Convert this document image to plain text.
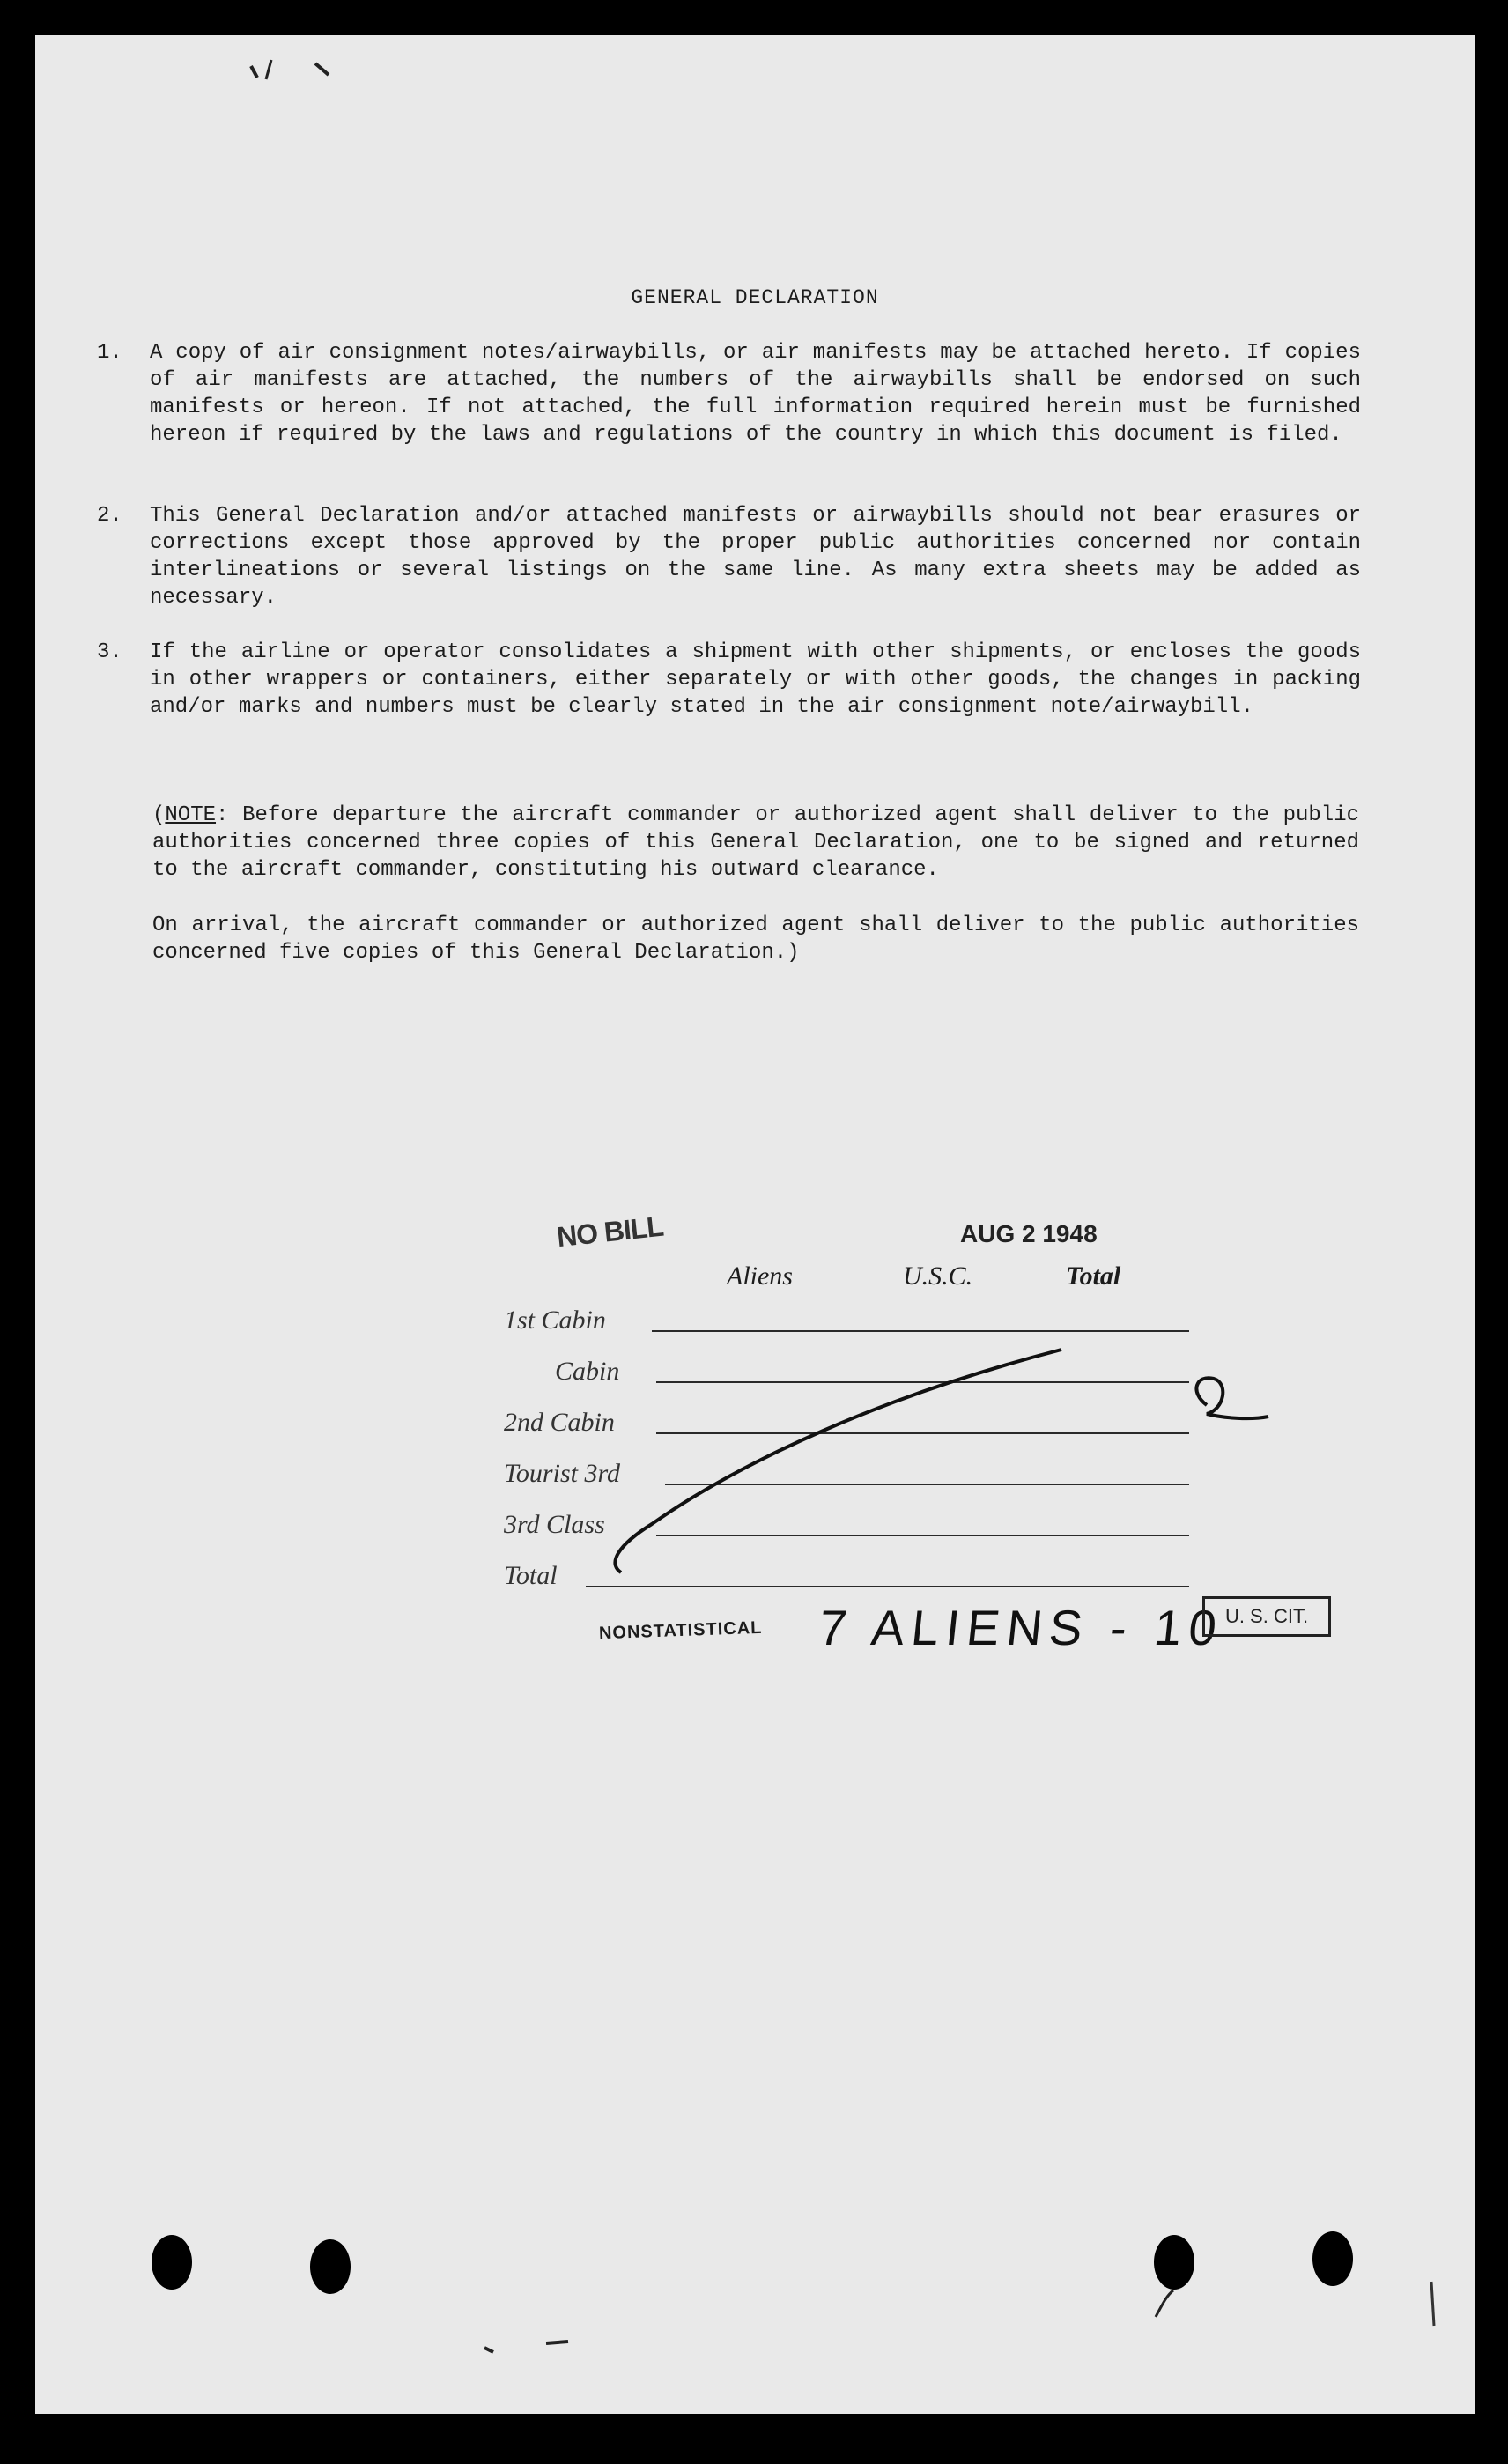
GENERAL DECLARATION
1. A copy of air consignment notes/airwaybills, or air manifests may be attached hereto. If copies of air manifests are attached, the numbers of the airwaybills shall be endorsed on such manifests or hereon. If not attached, the full information required herein must be furnished hereon if required by the laws and regulations of the country in which this document is filed.
2. This General Declaration and/or attached manifests or airwaybills should not bear erasures or corrections except those approved by the proper public authorities concerned nor contain interlineations or several listings on the same line. As many extra sheets may be added as necessary.
3. If the airline or operator consolidates a shipment with other shipments, or encloses the goods in other wrappers or containers, either separately or with other goods, the changes in packing and/or marks and numbers must be clearly stated in the air consignment note/airwaybill.
(NOTE: Before departure the aircraft commander or authorized agent shall deliver to the public authorities concerned three copies of this General Declaration, one to be signed and returned to the aircraft commander, constituting his outward clearance.
On arrival, the aircraft commander or authorized agent shall deliver to the public authorities concerned five copies of this General Declaration.)
NO BILL	AUG 2 1948
Aliens	U.S.C.	Total
1st Cabin
Cabin
2nd Cabin
Tourist 3rd
3rd Class
Total
NONSTATISTICAL 7 ALIENS - 10
U. S. CIT.
